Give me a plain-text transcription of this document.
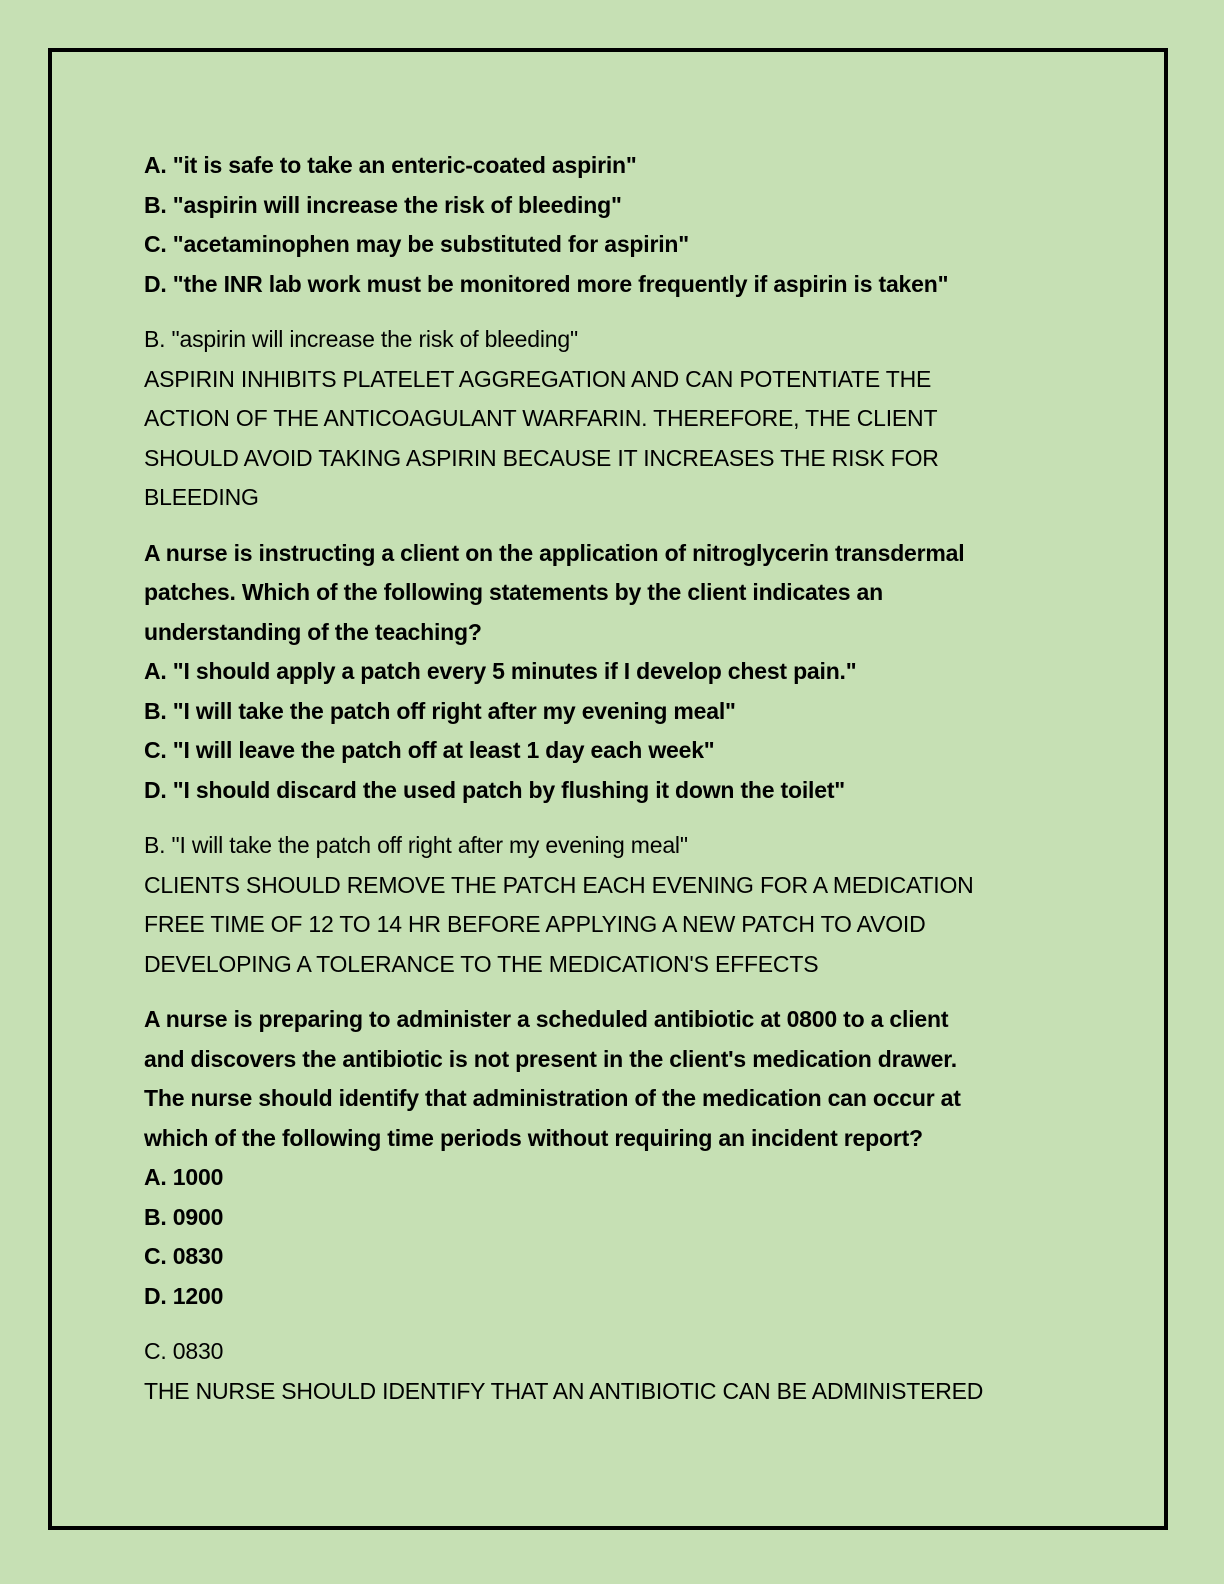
A. "it is safe to take an enteric-coated aspirin"
B. "aspirin will increase the risk of bleeding"
C. "acetaminophen may be substituted for aspirin"
D. "the INR lab work must be monitored more frequently if aspirin is taken"
B. "aspirin will increase the risk of bleeding"
ASPIRIN INHIBITS PLATELET AGGREGATION AND CAN POTENTIATE THE
ACTION OF THE ANTICOAGULANT WARFARIN. THEREFORE, THE CLIENT
SHOULD AVOID TAKING ASPIRIN BECAUSE IT INCREASES THE RISK FOR
BLEEDING
A nurse is instructing a client on the application of nitroglycerin transdermal
patches. Which of the following statements by the client indicates an
understanding of the teaching?
A. "I should apply a patch every 5 minutes if I develop chest pain."
B. "I will take the patch off right after my evening meal"
C. "I will leave the patch off at least 1 day each week"
D. "I should discard the used patch by flushing it down the toilet"
B. "I will take the patch off right after my evening meal"
CLIENTS SHOULD REMOVE THE PATCH EACH EVENING FOR A MEDICATION
FREE TIME OF 12 TO 14 HR BEFORE APPLYING A NEW PATCH TO AVOID
DEVELOPING A TOLERANCE TO THE MEDICATION'S EFFECTS
A nurse is preparing to administer a scheduled antibiotic at 0800 to a client
and discovers the antibiotic is not present in the client's medication drawer.
The nurse should identify that administration of the medication can occur at
which of the following time periods without requiring an incident report?
A. 1000
B. 0900
C. 0830
D. 1200
C. 0830
THE NURSE SHOULD IDENTIFY THAT AN ANTIBIOTIC CAN BE ADMINISTERED
